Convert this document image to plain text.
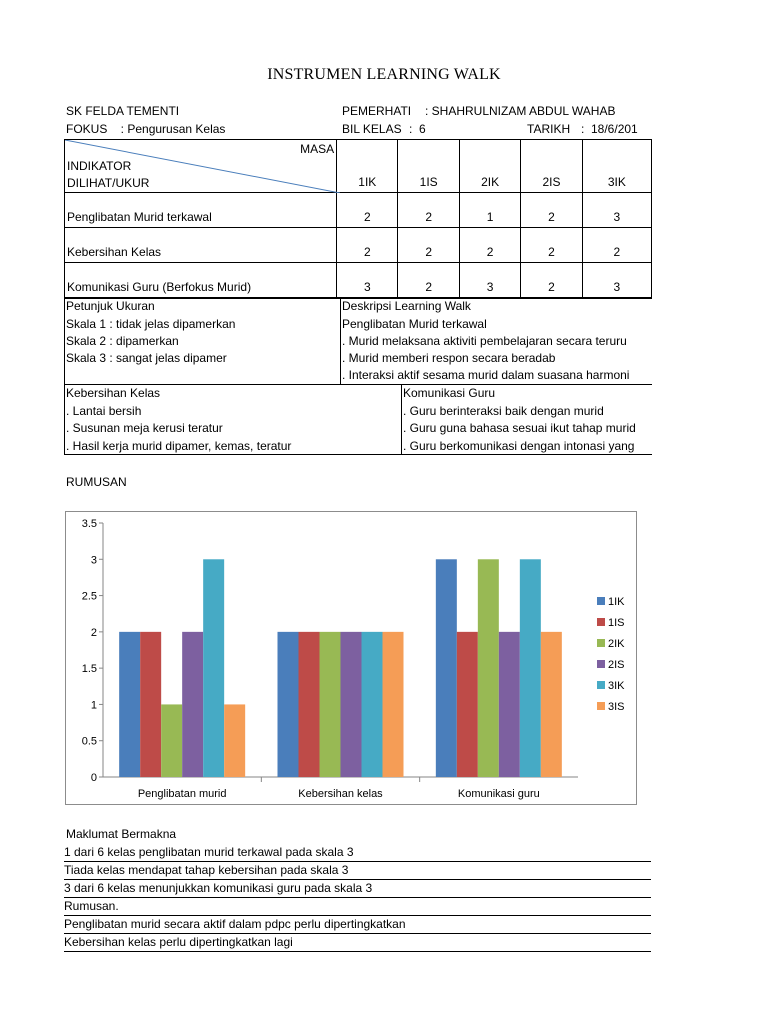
INSTRUMEN LEARNING WALK
SK FELDA TEMENTI	PEMERHATI : SHAHRULNIZAM ABDUL WAHAB
FOKUS    : Pengurusan Kelas	BIL KELAS :  6	TARIKH :  18/6/201
MASA
INDIKATOR
DILIHAT/UKUR	1IK	1IS	2IK	2IS	3IK
Penglibatan Murid terkawal	2	2	1	2	3
Kebersihan Kelas	2	2	2	2	2
Komunikasi Guru (Berfokus Murid)	3	2	3	2	3
Petunjuk Ukuran
Skala 1 : tidak jelas dipamerkan
Skala 2 : dipamerkan
Skala 3 : sangat jelas dipamer
Deskripsi Learning Walk
Penglibatan Murid terkawal
. Murid melaksana aktiviti pembelajaran secara teruru
. Murid memberi respon secara beradab
. Interaksi aktif sesama murid dalam suasana harmoni
Kebersihan Kelas
. Lantai bersih
. Susunan meja kerusi teratur
. Hasil kerja murid dipamer, kemas, teratur
Komunikasi Guru
. Guru berinteraksi baik dengan murid
. Guru guna bahasa sesuai ikut tahap murid
. Guru berkomunikasi dengan intonasi yang
RUMUSAN
0
0.5
1
1.5
2
2.5
3
3.5
Penglibatan murid	Kebersihan kelas	Komunikasi guru
1IK
1IS
2IK
2IS
3IK
3IS
Maklumat Bermakna
1 dari 6 kelas penglibatan murid terkawal pada skala 3
Tiada kelas mendapat tahap kebersihan pada skala 3
3 dari 6 kelas menunjukkan komunikasi guru pada skala 3
Rumusan.
Penglibatan murid secara aktif dalam pdpc perlu dipertingkatkan
Kebersihan kelas perlu dipertingkatkan lagi
